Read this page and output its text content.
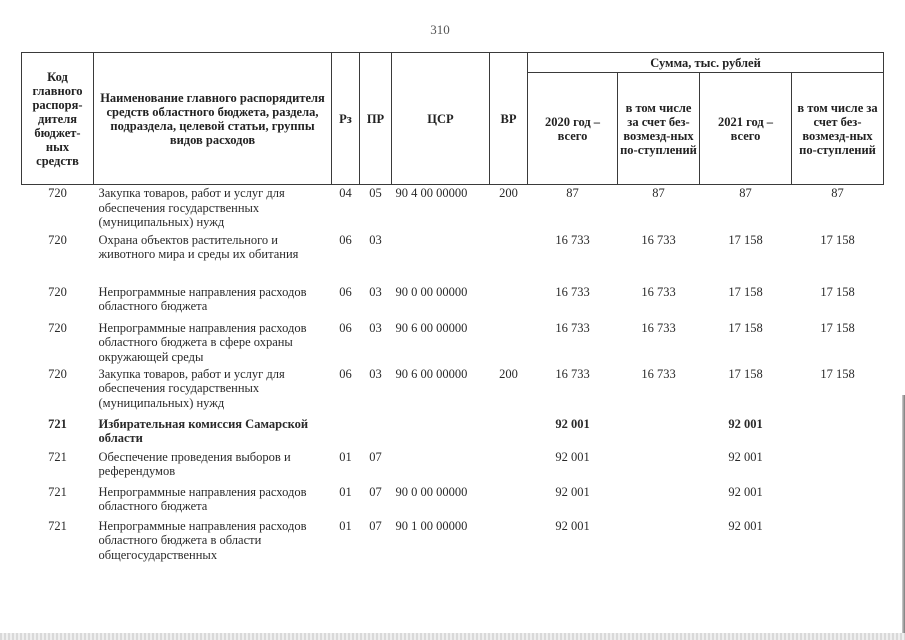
310
Код главного распоря-дителя бюджет-ных средств	Наименование главного распорядителя средств областного бюджета, раздела, подраздела, целевой статьи, группы видов расходов	Рз	ПР	ЦСР	ВР	Сумма, тыс. рублей			
						2020 год – всего	в том числе за счет без-возмезд-ных по-ступлений	2021 год – всего	в том числе за счет без-возмезд-ных по-ступлений
720	Закупка товаров, работ и услуг для обеспечения государственных (муниципальных) нужд	04	05	90 4 00 00000	200	87	87	87	87
720	Охрана объектов растительного и животного мира и среды их обитания	06	03			16 733	16 733	17 158	17 158
720	Непрограммные направления расходов областного бюджета	06	03	90 0 00 00000		16 733	16 733	17 158	17 158
720	Непрограммные направления расходов областного бюджета в сфере охраны окружающей среды	06	03	90 6 00 00000		16 733	16 733	17 158	17 158
720	Закупка товаров, работ и услуг для обеспечения государственных (муниципальных) нужд	06	03	90 6 00 00000	200	16 733	16 733	17 158	17 158
721	Избирательная комиссия Самарской области					92 001		92 001	
721	Обеспечение проведения выборов и референдумов	01	07			92 001		92 001	
721	Непрограммные направления расходов областного бюджета	01	07	90 0 00 00000		92 001		92 001	
721	Непрограммные направления расходов областного бюджета в области общегосударственных	01	07	90 1 00 00000		92 001		92 001	
